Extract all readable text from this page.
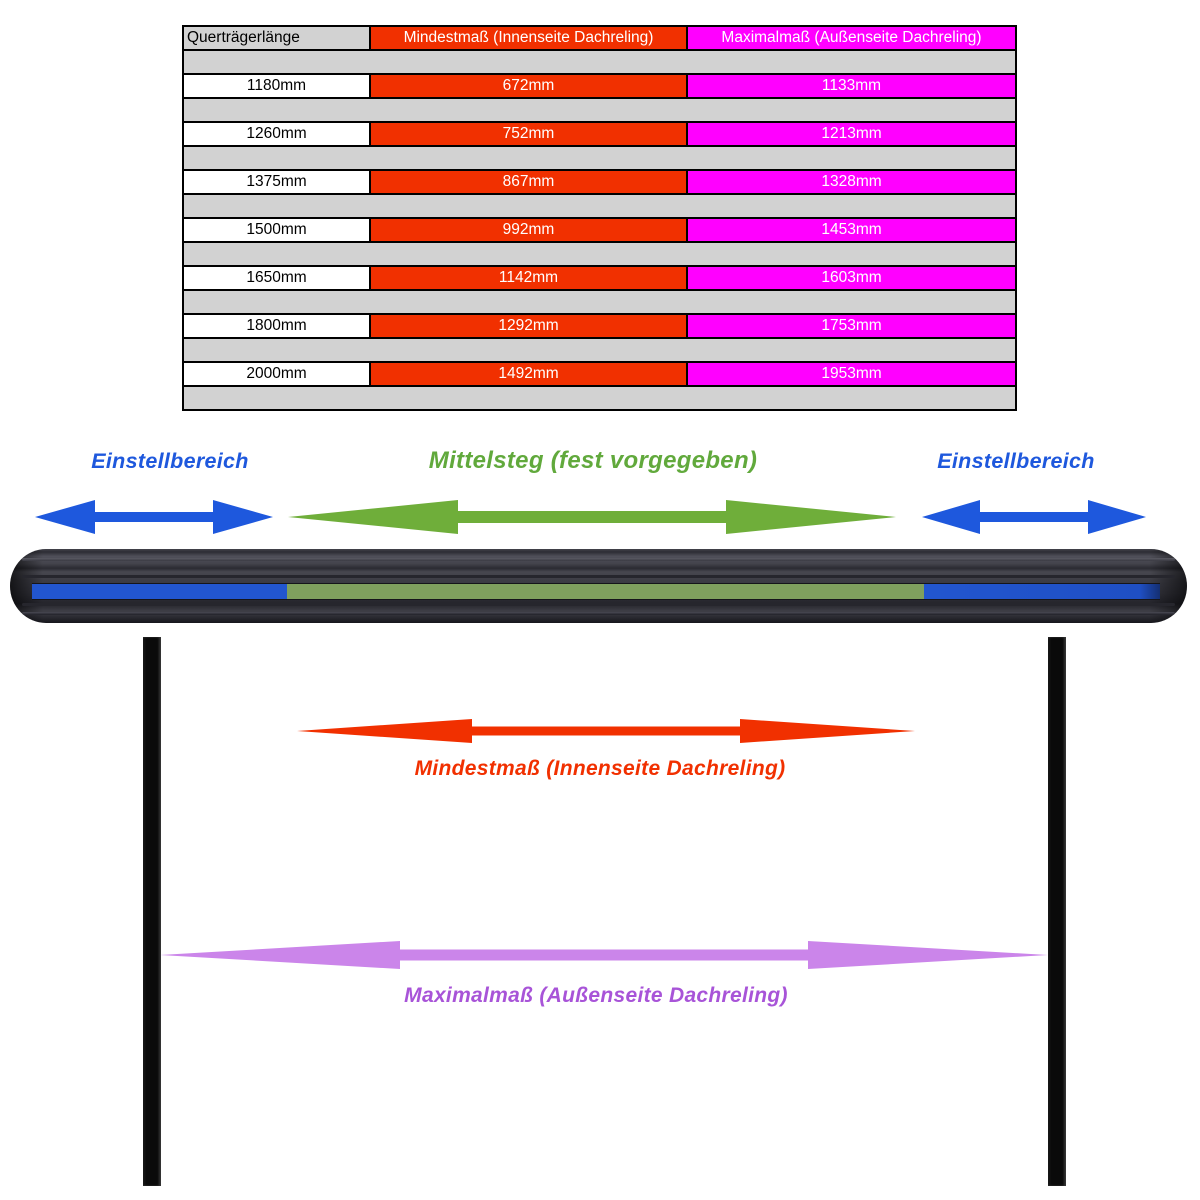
Querträgerlänge	Mindestmaß (Innenseite Dachreling)	Maximalmaß (Außenseite Dachreling)

1180mm	672mm	1133mm

1260mm	752mm	1213mm

1375mm	867mm	1328mm

1500mm	992mm	1453mm

1650mm	1142mm	1603mm

1800mm	1292mm	1753mm

2000mm	1492mm	1953mm

Einstellbereich	Mittelsteg (fest vorgegeben)	Einstellbereich
Mindestmaß (Innenseite Dachreling)
Maximalmaß (Außenseite Dachreling)
